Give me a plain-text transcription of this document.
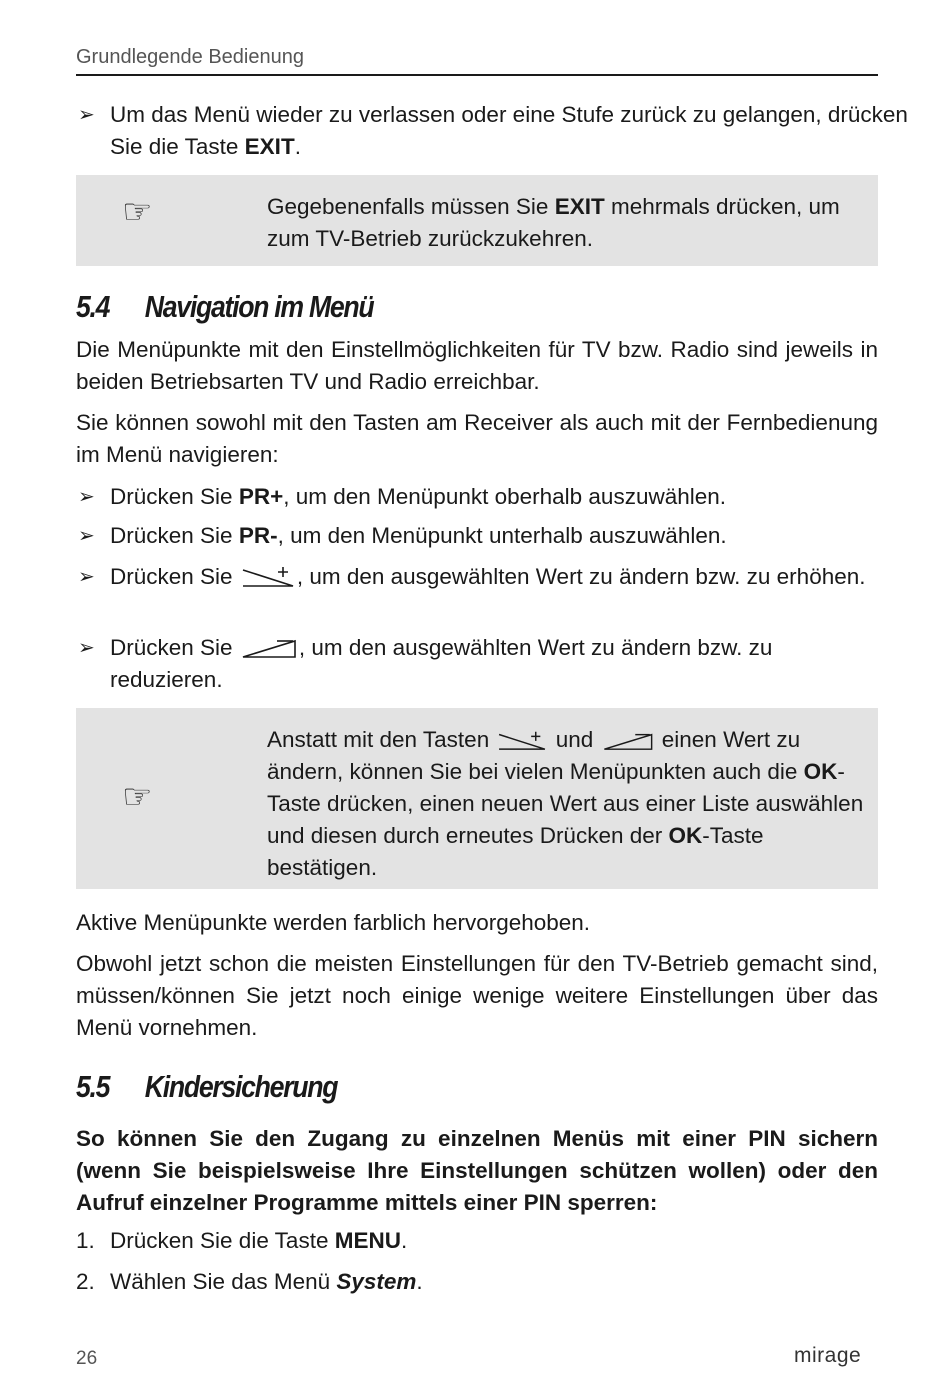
Grundlegende Bedienung
➢ Um das Menü wieder zu verlassen oder eine Stufe zurück zu gelangen, drücken Sie die Taste EXIT.
☞	Gegebenenfalls müssen Sie EXIT mehrmals drücken, um zum TV-Betrieb zurückzukehren.
5.4 Navigation im Menü

Die Menüpunkte mit den Einstellmöglichkeiten für TV bzw. Radio sind jeweils in beiden Betriebsarten TV und Radio erreichbar.

Sie können sowohl mit den Tasten am Receiver als auch mit der Fernbedienung im Menü navigieren:

➢ Drücken Sie PR+, um den Menüpunkt oberhalb auszuwählen.
➢ Drücken Sie PR-, um den Menüpunkt unterhalb auszuwählen.
➢ Drücken Sie	, um den ausgewählten Wert zu ändern bzw. zu erhöhen.
➢ Drücken Sie	, um den ausgewählten Wert zu ändern bzw. zu reduzieren.
☞
Anstatt mit den Tasten  und  einen Wert zu ändern, können Sie bei vielen Menüpunkten auch die OK-Taste drücken, einen neuen Wert aus einer Liste auswählen und diesen durch erneutes Drücken der OK-Taste bestätigen.

Aktive Menüpunkte werden farblich hervorgehoben.

Obwohl jetzt schon die meisten Einstellungen für den TV-Betrieb gemacht sind, müssen/können Sie jetzt noch einige wenige weitere Einstellungen über das Menü vornehmen.

5.5 Kindersicherung

So können Sie den Zugang zu einzelnen Menüs mit einer PIN sichern (wenn Sie beispielsweise Ihre Einstellungen schützen wollen) oder den Aufruf einzelner Programme mittels einer PIN sperren:

1. Drücken Sie die Taste MENU.
2. Wählen Sie das Menü System.
26	mirage
